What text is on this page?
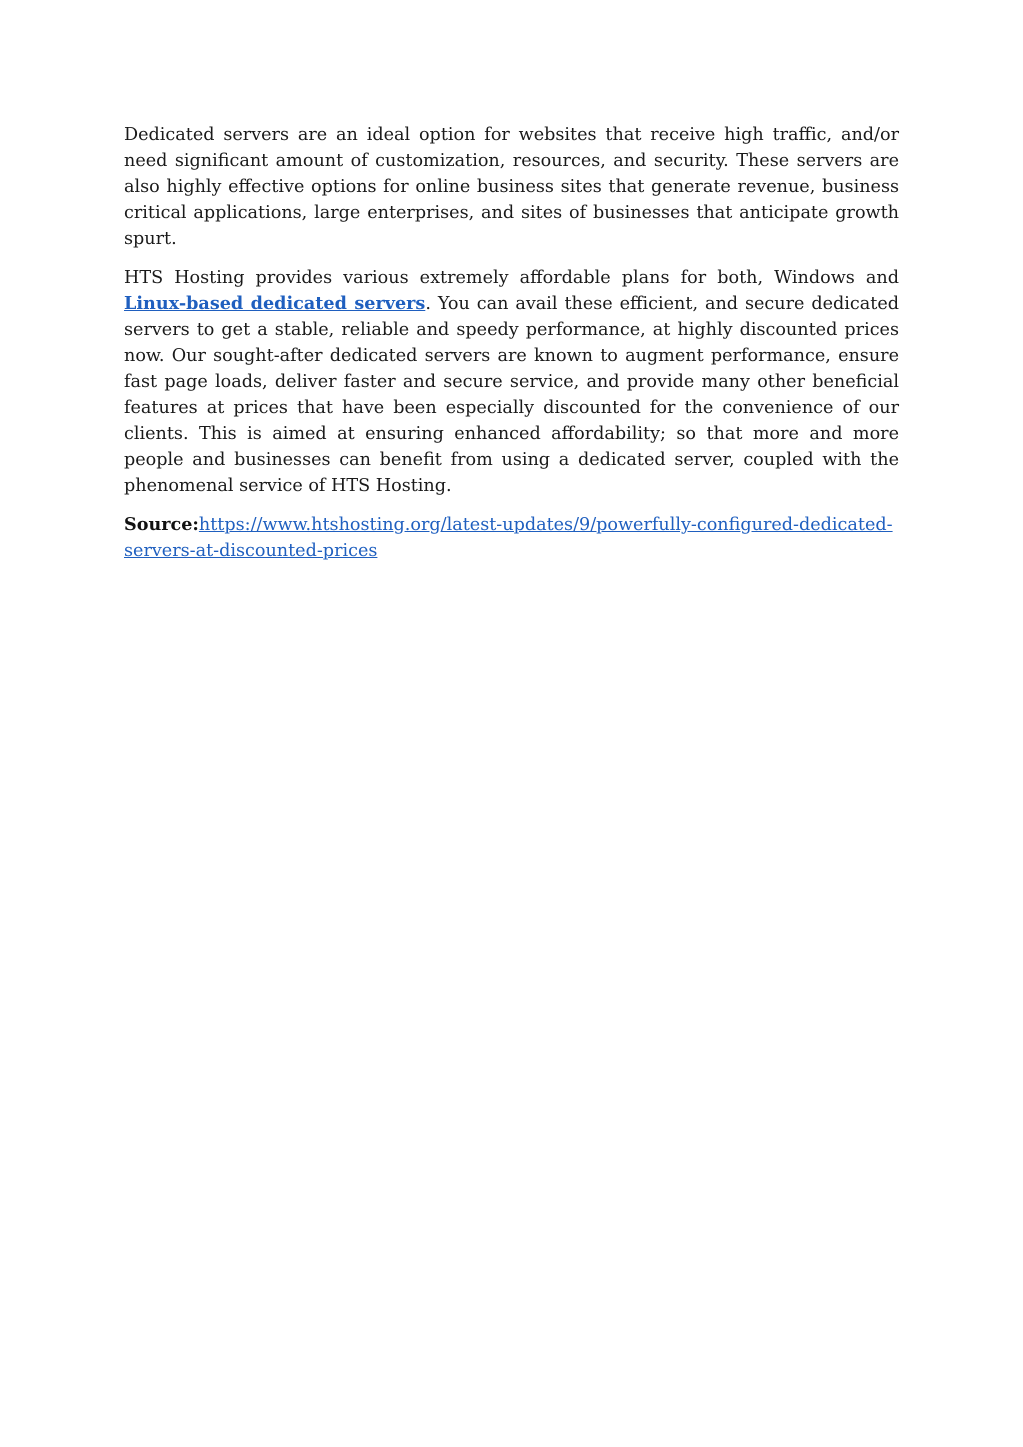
Dedicated servers are an ideal option for websites that receive high traffic, and/or need significant amount of customization, resources, and security. These servers are also highly effective options for online business sites that generate revenue, business critical applications, large enterprises, and sites of businesses that anticipate growth spurt.

HTS Hosting provides various extremely affordable plans for both, Windows and Linux-based dedicated servers. You can avail these efficient, and secure dedicated servers to get a stable, reliable and speedy performance, at highly discounted prices now. Our sought-after dedicated servers are known to augment performance, ensure fast page loads, deliver faster and secure service, and provide many other beneficial features at prices that have been especially discounted for the convenience of our clients. This is aimed at ensuring enhanced affordability; so that more and more people and businesses can benefit from using a dedicated server, coupled with the phenomenal service of HTS Hosting.

Source:https://www.htshosting.org/latest-updates/9/powerfully-configured-dedicated-servers-at-discounted-prices
